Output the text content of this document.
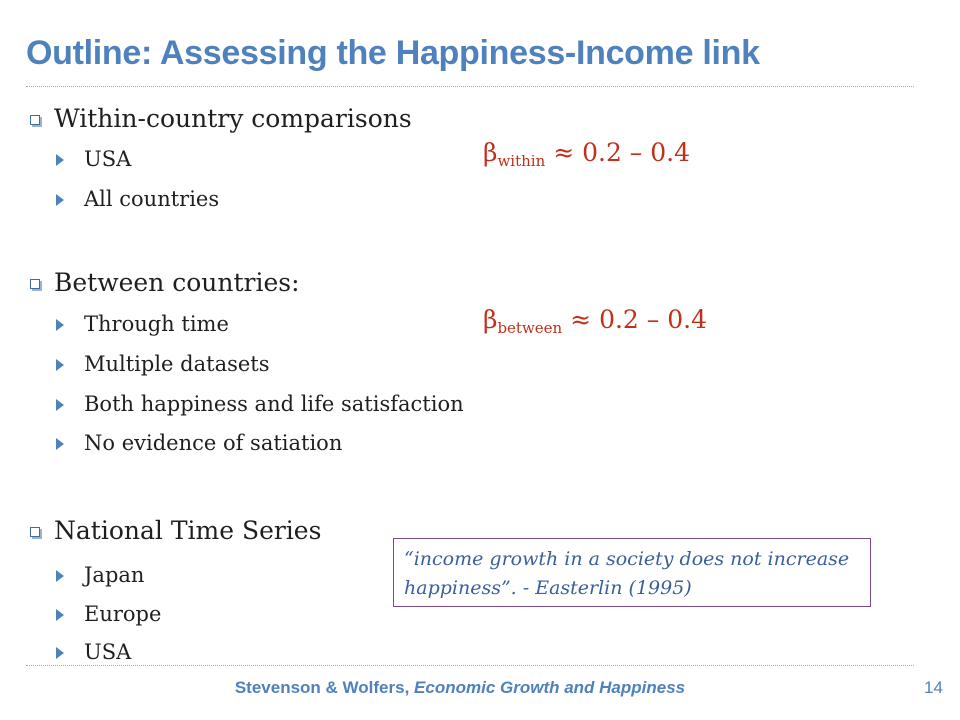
Outline: Assessing the Happiness-Income link
Within-country comparisons
USA
All countries
$\beta_{within} \approx 0.2 - 0.4$
Between countries:
Through time
Multiple datasets
Both happiness and life satisfaction
No evidence of satiation
$\beta_{between} \approx 0.2 - 0.4$
National Time Series
Japan
Europe
USA
“income growth in a society does not increase happiness”. - Easterlin (1995)
Stevenson & Wolfers, Economic Growth and Happiness	14
